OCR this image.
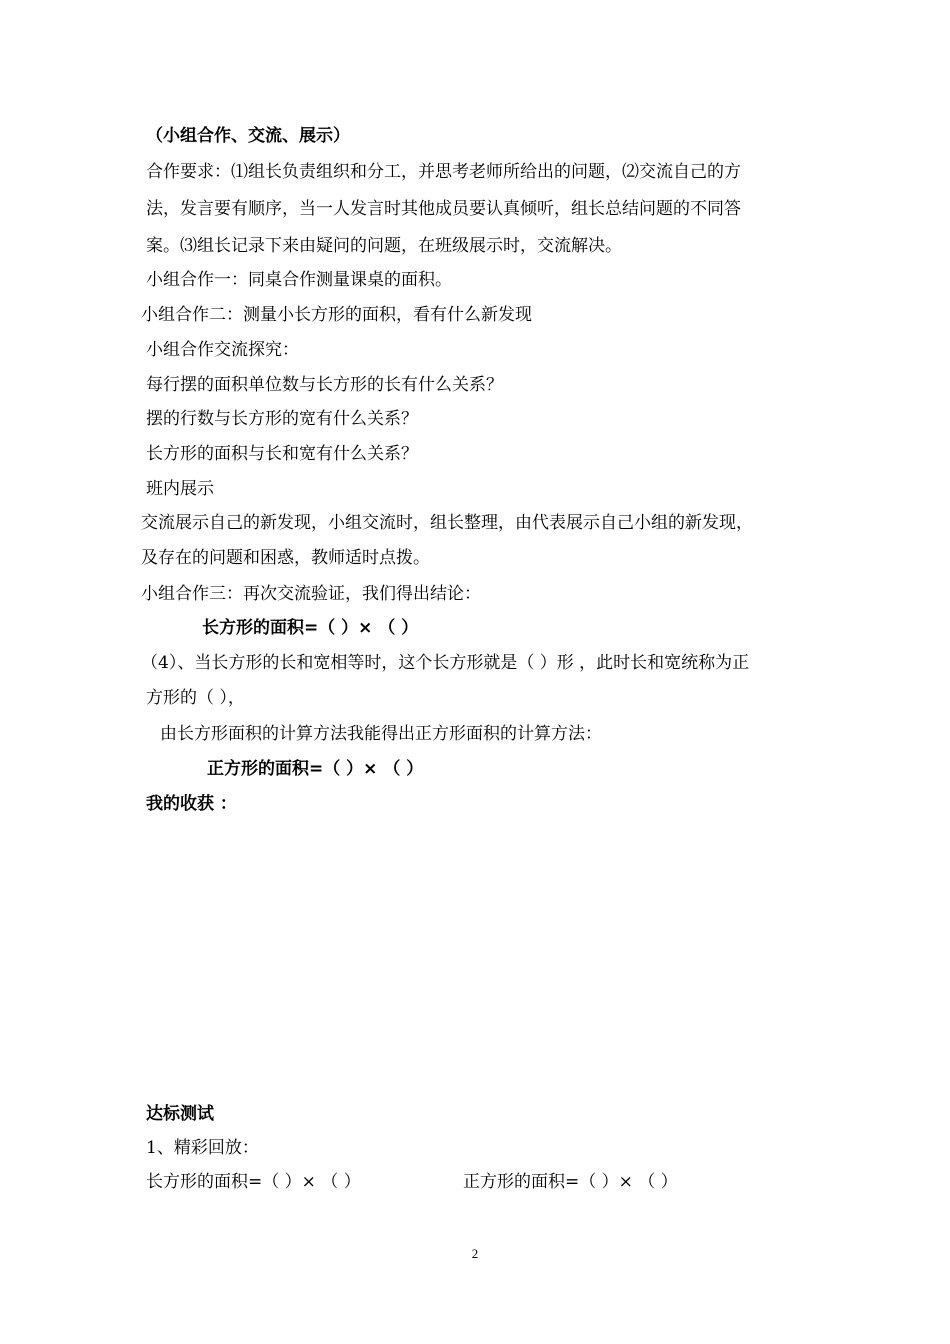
（小组合作、交流、展示）
合作要求：⑴组长负责组织和分工，并思考老师所给出的问题，⑵交流自己的方
法，发言要有顺序，当一人发言时其他成员要认真倾听，组长总结问题的不同答
案。⑶组长记录下来由疑问的问题，在班级展示时，交流解决。
小组合作一：同桌合作测量课桌的面积。
小组合作二：测量小长方形的面积，看有什么新发现
小组合作交流探究：
每行摆的面积单位数与长方形的长有什么关系？
摆的行数与长方形的宽有什么关系？
长方形的面积与长和宽有什么关系？
班内展示
交流展示自己的新发现，小组交流时，组长整理，由代表展示自己小组的新发现，
及存在的问题和困惑，教师适时点拨。
小组合作三：再次交流验证，我们得出结论：
长方形的面积=（ ）× （ ）
（4）、当长方形的长和宽相等时，这个长方形就是（ ）形 ，此时长和宽统称为正
方形的（ ），
由长方形面积的计算方法我能得出正方形面积的计算方法：
正方形的面积=（ ）× （ ）
我的收获 ：
达标测试
1、精彩回放：
长方形的面积=（ ）× （ ）	正方形的面积=（ ）× （ ）
2
